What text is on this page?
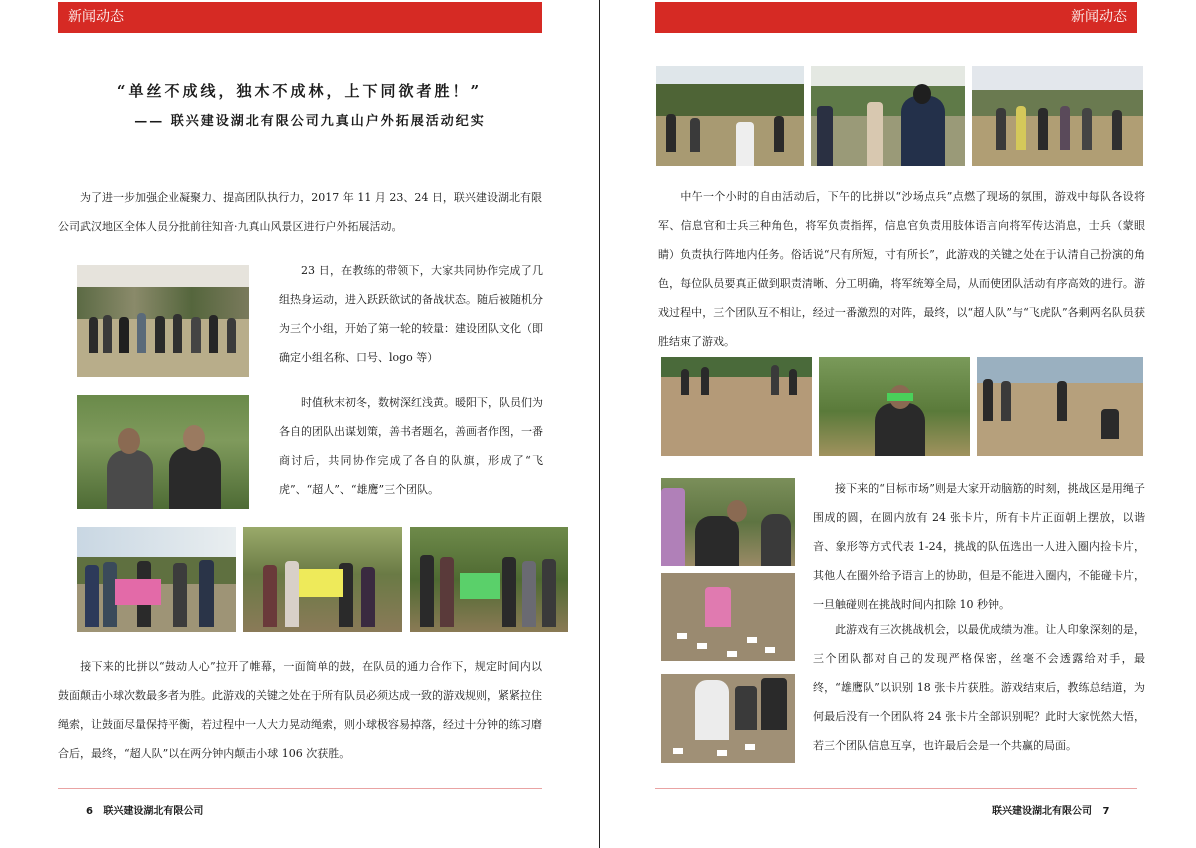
新闻动态
“单丝不成线，独木不成林，上下同欲者胜！”
—— 联兴建设湖北有限公司九真山户外拓展活动纪实

为了进一步加强企业凝聚力、提高团队执行力，2017 年 11 月 23、24 日，联兴建设湖北有限公司武汉地区全体人员分批前往知音·九真山风景区进行户外拓展活动。

23 日，在教练的带领下，大家共同协作完成了几组热身运动，进入跃跃欲试的备战状态。随后被随机分为三个小组，开始了第一轮的较量：建设团队文化（即确定小组名称、口号、logo 等）

时值秋末初冬，数树深红浅黄。暖阳下，队员们为各自的团队出谋划策，善书者题名，善画者作图，一番商讨后，共同协作完成了各自的队旗，形成了“飞虎”、“超人”、“雄鹰”三个团队。

接下来的比拼以“鼓动人心”拉开了帷幕，一面简单的鼓，在队员的通力合作下，规定时间内以鼓面颠击小球次数最多者为胜。此游戏的关键之处在于所有队员必须达成一致的游戏规则，紧紧拉住绳索，让鼓面尽量保持平衡，若过程中一人大力晃动绳索，则小球极容易掉落，经过十分钟的练习磨合后，最终，“超人队”以在两分钟内颠击小球 106 次获胜。

6 联兴建设湖北有限公司
新闻动态

中午一个小时的自由活动后，下午的比拼以“沙场点兵”点燃了现场的氛围，游戏中每队各设将军、信息官和士兵三种角色，将军负责指挥，信息官负责用肢体语言向将军传达消息，士兵（蒙眼睛）负责执行阵地内任务。俗话说“尺有所短，寸有所长”，此游戏的关键之处在于认清自己扮演的角色，每位队员要真正做到职责清晰、分工明确，将军统筹全局，从而使团队活动有序高效的进行。游戏过程中，三个团队互不相让，经过一番激烈的对阵，最终，以“超人队”与“飞虎队”各剩两名队员获胜结束了游戏。

接下来的“目标市场”则是大家开动脑筋的时刻，挑战区是用绳子围成的圆，在圆内放有 24 张卡片，所有卡片正面朝上摆放，以谐音、象形等方式代表 1-24，挑战的队伍选出一人进入圈内捡卡片，其他人在圈外给予语言上的协助，但是不能进入圈内，不能碰卡片，一旦触碰则在挑战时间内扣除 10 秒钟。

此游戏有三次挑战机会，以最优成绩为准。让人印象深刻的是，三个团队都对自己的发现严格保密，丝毫不会透露给对手，最终，“雄鹰队”以识别 18 张卡片获胜。游戏结束后，教练总结道，为何最后没有一个团队将 24 张卡片全部识别呢？此时大家恍然大悟，若三个团队信息互享，也许最后会是一个共赢的局面。

联兴建设湖北有限公司 7
